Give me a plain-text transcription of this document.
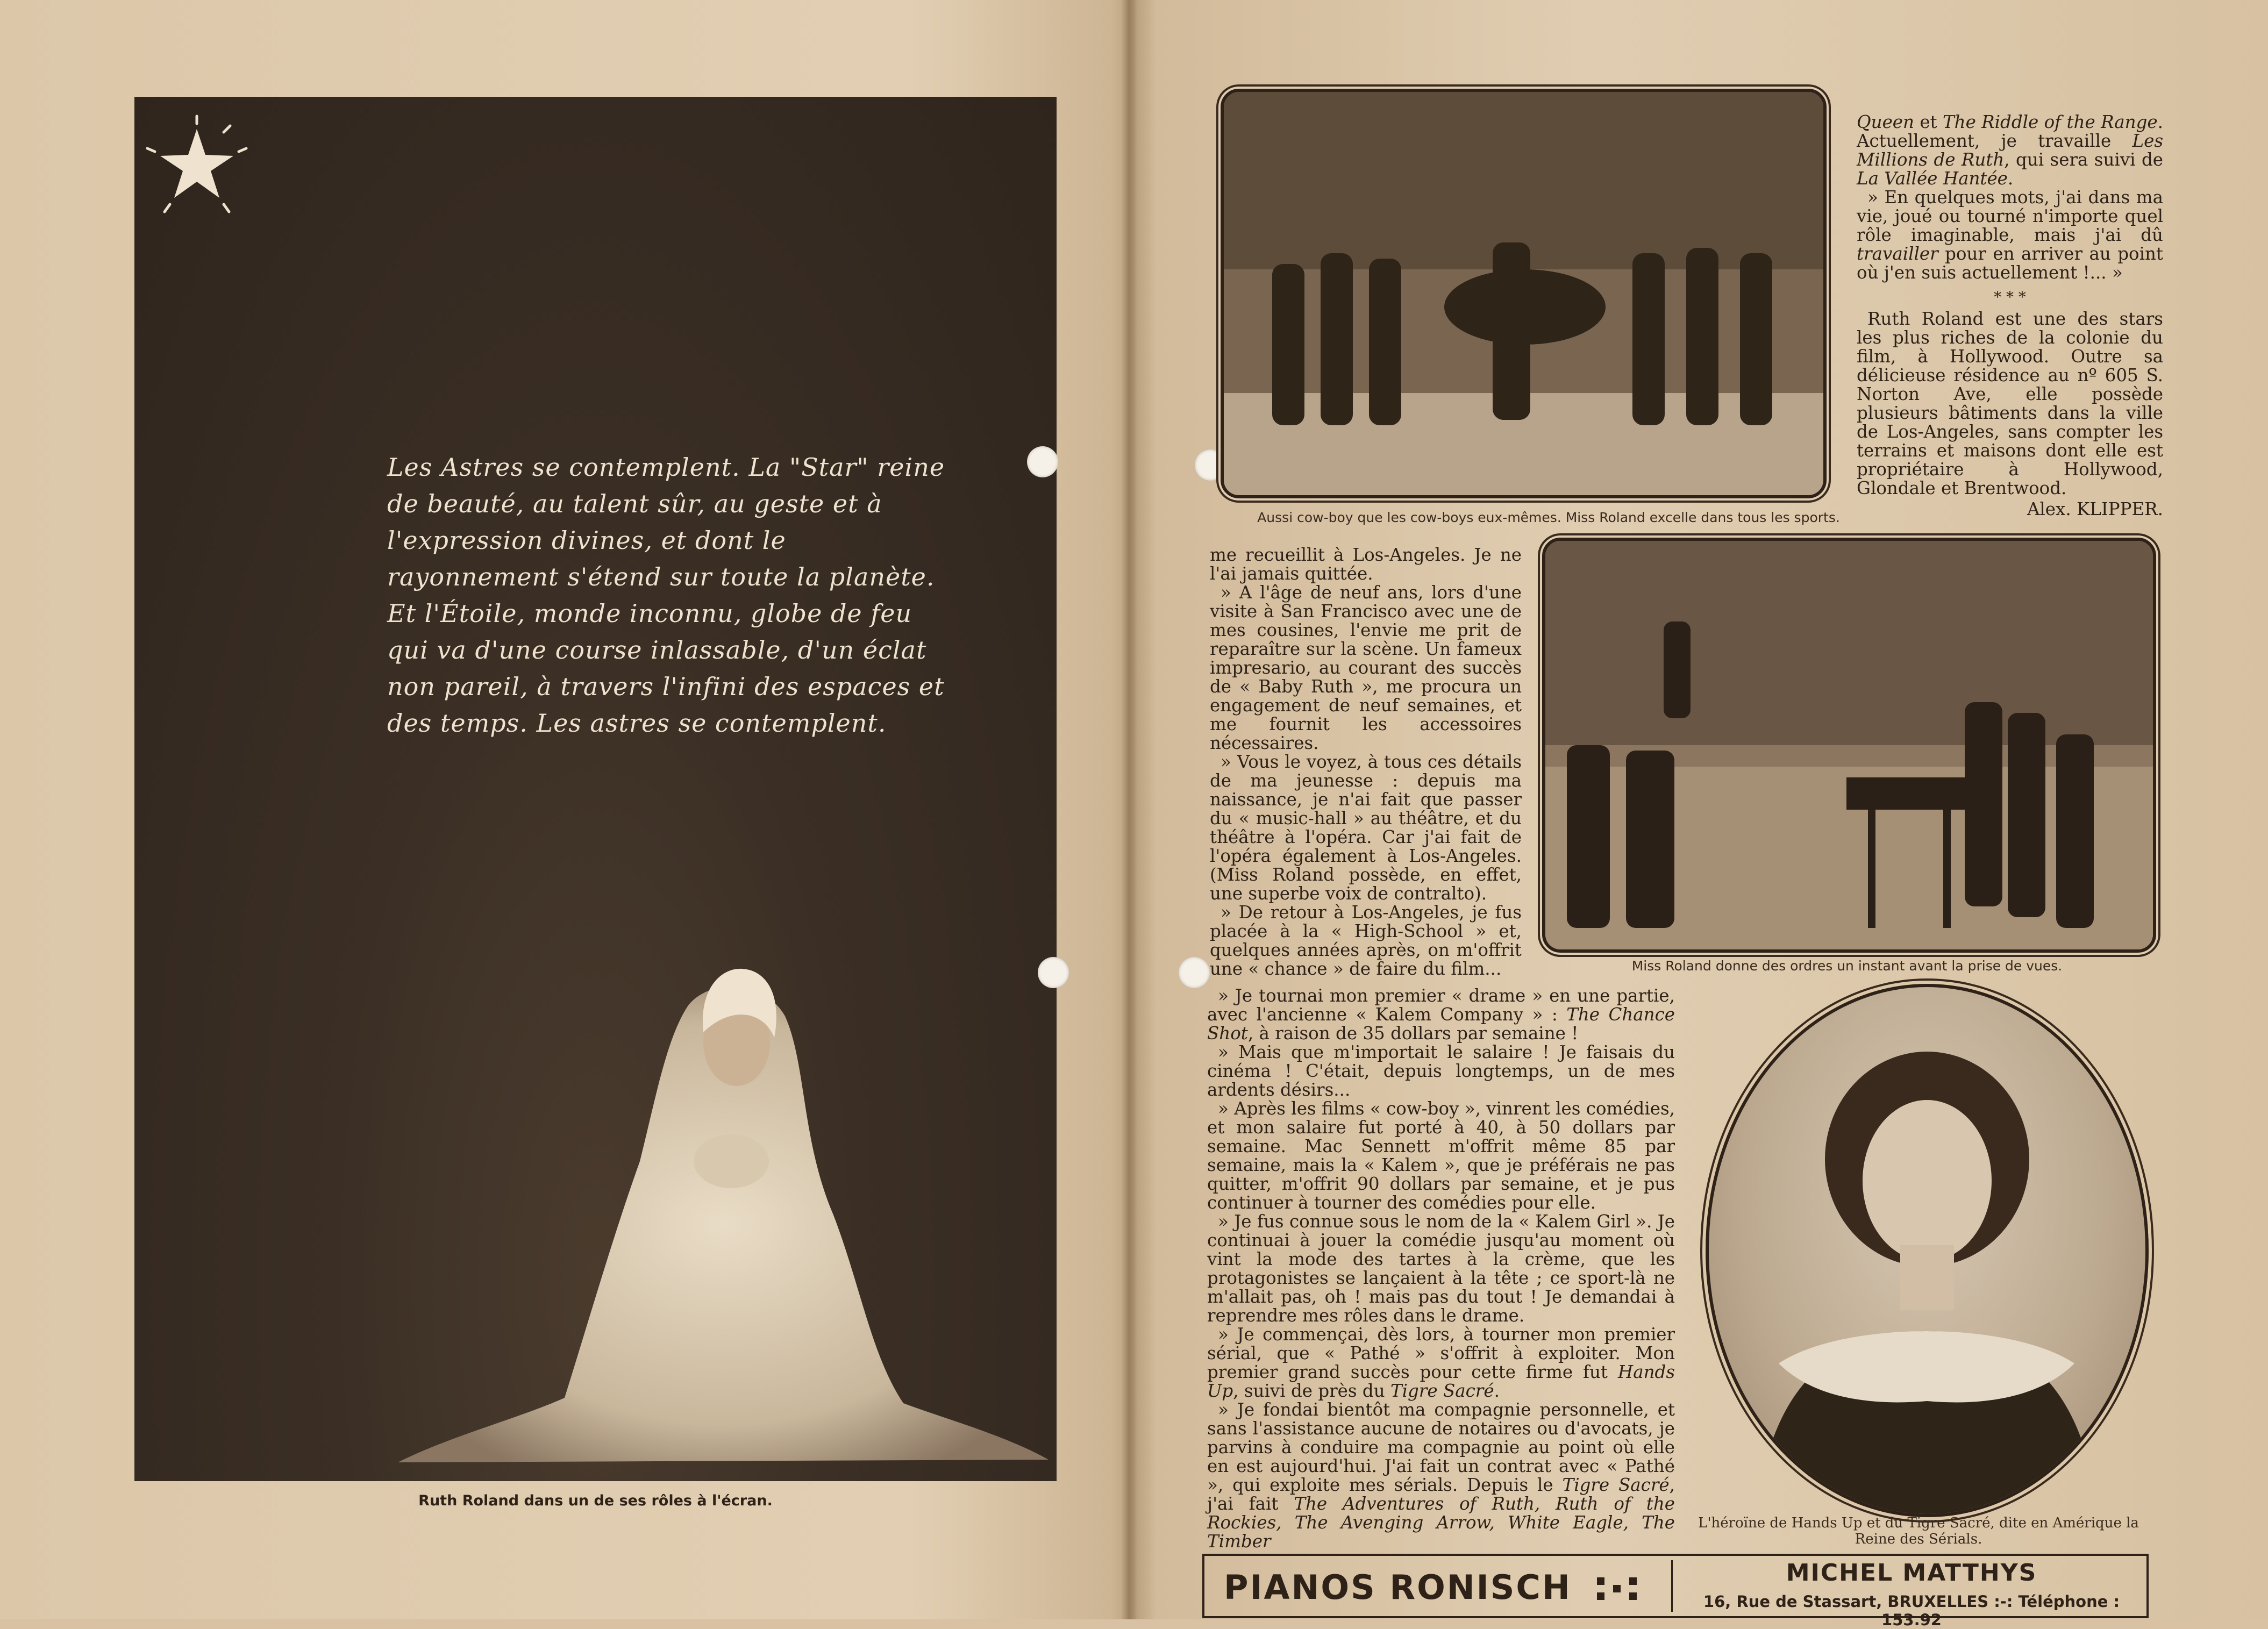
Les Astres se contemplent. La "Star" reine de beauté, au talent sûr, au geste et à l'expression divines, et dont le rayonnement s'étend sur toute la planète. Et l'Étoile, monde inconnu, globe de feu qui va d'une course inlassable, d'un éclat non pareil, à travers l'infini des espaces et des temps. Les astres se contemplent.
Ruth Roland dans un de ses rôles à l'écran.
Aussi cow-boy que les cow-boys eux-mêmes. Miss Roland excelle dans tous les sports.

Queen et The Riddle of the Range. Actuellement, je travaille Les Millions de Ruth, qui sera suivi de La Vallée Hantée.

» En quelques mots, j'ai dans ma vie, joué ou tourné n'importe quel rôle imaginable, mais j'ai dû travailler pour en arriver au point où j'en suis actuellement !... »

* * *

Ruth Roland est une des stars les plus riches de la colonie du film, à Hollywood. Outre sa délicieuse résidence au nº 605 S. Norton Ave, elle possède plusieurs bâtiments dans la ville de Los-Angeles, sans compter les terrains et maisons dont elle est propriétaire à Hollywood, Glondale et Brentwood.

Alex. KLIPPER.
Miss Roland donne des ordres un instant avant la prise de vues.

me recueillit à Los-Angeles. Je ne l'ai jamais quittée.

» A l'âge de neuf ans, lors d'une visite à San Francisco avec une de mes cousines, l'envie me prit de reparaître sur la scène. Un fameux impresario, au courant des succès de « Baby Ruth », me procura un engagement de neuf semaines, et me fournit les accessoires nécessaires.

» Vous le voyez, à tous ces détails de ma jeunesse : depuis ma naissance, je n'ai fait que passer du « music-hall » au théâtre, et du théâtre à l'opéra. Car j'ai fait de l'opéra également à Los-Angeles. (Miss Roland possède, en effet, une superbe voix de contralto).

» De retour à Los-Angeles, je fus placée à la « High-School » et, quelques années après, on m'offrit une « chance » de faire du film...

» Je tournai mon premier « drame » en une partie, avec l'ancienne « Kalem Company » : The Chance Shot, à raison de 35 dollars par semaine !

» Mais que m'importait le salaire ! Je faisais du cinéma ! C'était, depuis longtemps, un de mes ardents désirs...

» Après les films « cow-boy », vinrent les comédies, et mon salaire fut porté à 40, à 50 dollars par semaine. Mac Sennett m'offrit même 85 par semaine, mais la « Kalem », que je préférais ne pas quitter, m'offrit 90 dollars par semaine, et je pus continuer à tourner des comédies pour elle.

» Je fus connue sous le nom de la « Kalem Girl ». Je continuai à jouer la comédie jusqu'au moment où vint la mode des tartes à la crème, que les protagonistes se lançaient à la tête ; ce sport-là ne m'allait pas, oh ! mais pas du tout ! Je demandai à reprendre mes rôles dans le drame.

» Je commençai, dès lors, à tourner mon premier sérial, que « Pathé » s'offrit à exploiter. Mon premier grand succès pour cette firme fut Hands Up, suivi de près du Tigre Sacré.

» Je fondai bientôt ma compagnie personnelle, et sans l'assistance aucune de notaires ou d'avocats, je parvins à conduire ma compagnie au point où elle en est aujourd'hui. J'ai fait un contrat avec « Pathé », qui exploite mes sérials. Depuis le Tigre Sacré, j'ai fait The Adventures of Ruth, Ruth of the Rockies, The Avenging Arrow, White Eagle, The Timber

L'héroïne de Hands Up et du Tigre Sacré, dite en Amérique la Reine des Sérials.
PIANOS RONISCH	MICHEL MATTHYS
16, Rue de Stassart, BRUXELLES :-: Téléphone : 153.92
